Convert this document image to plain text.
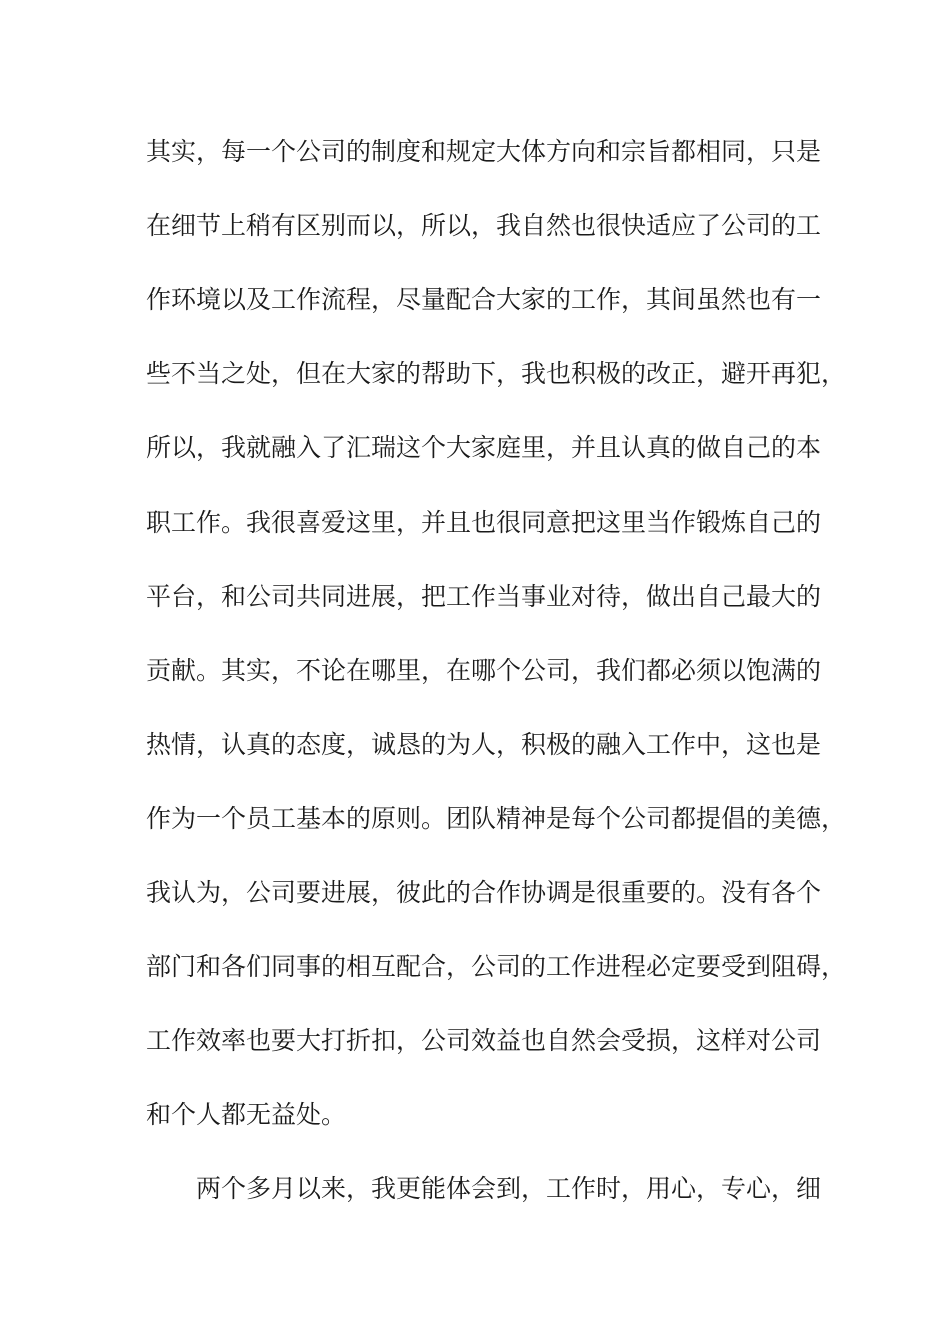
其实，每一个公司的制度和规定大体方向和宗旨都相同，只是
在细节上稍有区别而以，所以，我自然也很快适应了公司的工
作环境以及工作流程，尽量配合大家的工作，其间虽然也有一
些不当之处，但在大家的帮助下，我也积极的改正，避开再犯，
所以，我就融入了汇瑞这个大家庭里，并且认真的做自己的本
职工作。我很喜爱这里，并且也很同意把这里当作锻炼自己的
平台，和公司共同进展，把工作当事业对待，做出自己最大的
贡献。其实，不论在哪里，在哪个公司，我们都必须以饱满的
热情，认真的态度，诚恳的为人，积极的融入工作中，这也是
作为一个员工基本的原则。团队精神是每个公司都提倡的美德，
我认为，公司要进展，彼此的合作协调是很重要的。没有各个
部门和各们同事的相互配合，公司的工作进程必定要受到阻碍，
工作效率也要大打折扣，公司效益也自然会受损，这样对公司
和个人都无益处。
两个多月以来，我更能体会到，工作时，用心，专心，细
